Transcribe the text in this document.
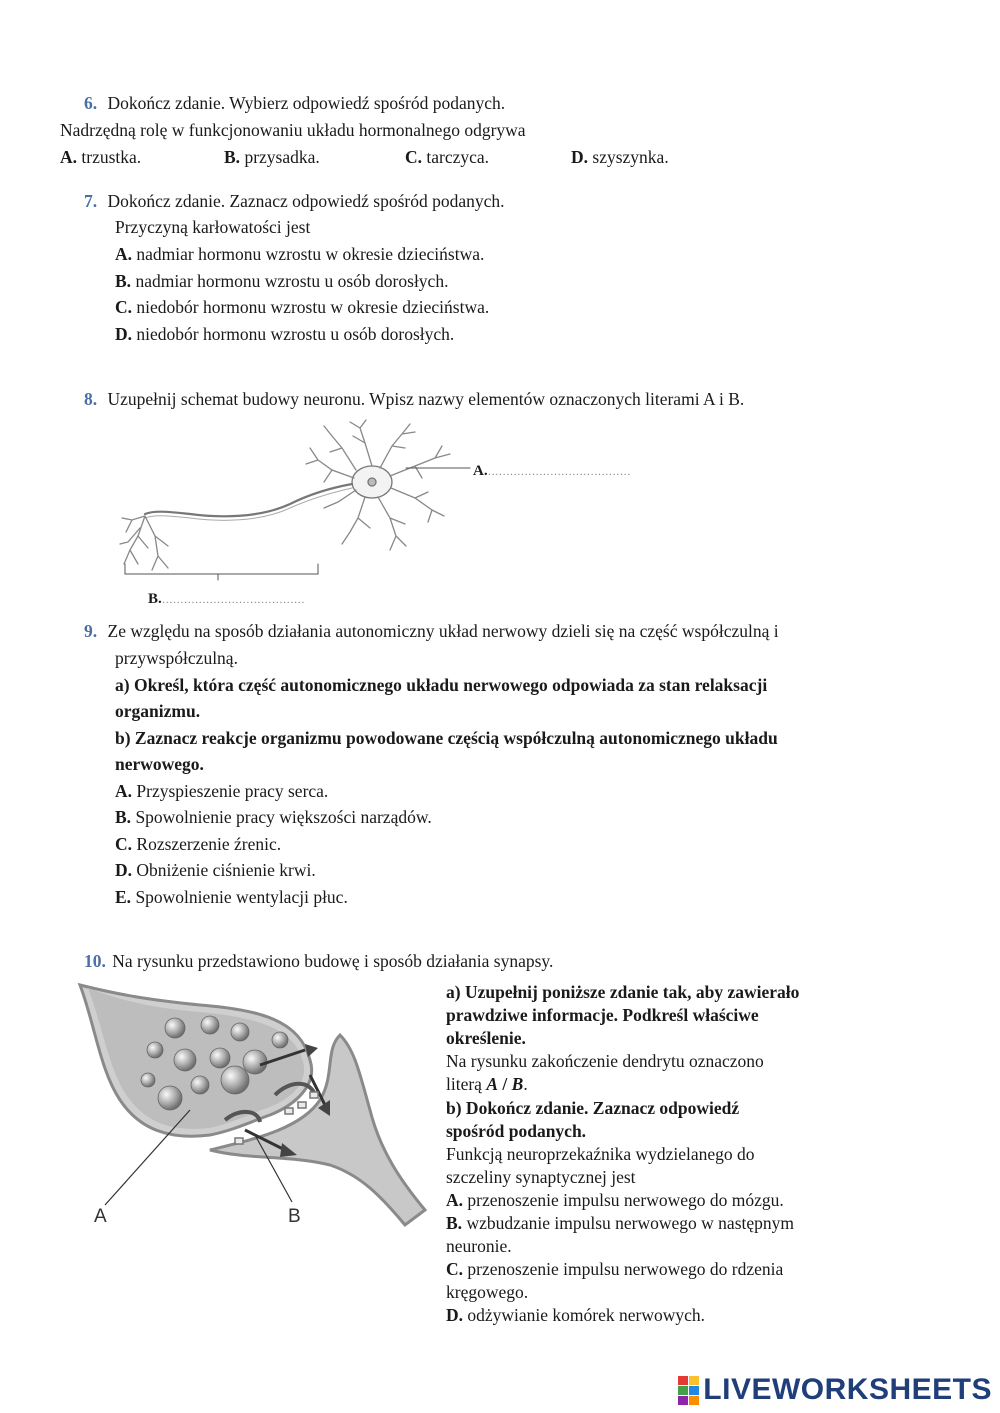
6. Dokończ zdanie. Wybierz odpowiedź spośród podanych.
Nadrzędną rolę w funkcjonowaniu układu hormonalnego odgrywa
A. trzustka.	B. przysadka.	C. tarczyca.	D. szyszynka.
7. Dokończ zdanie. Zaznacz odpowiedź spośród podanych.
Przyczyną karłowatości jest
A. nadmiar hormonu wzrostu w okresie dzieciństwa.
B. nadmiar hormonu wzrostu u osób dorosłych.
C. niedobór hormonu wzrostu w okresie dzieciństwa.
D. niedobór hormonu wzrostu u osób dorosłych.
8. Uzupełnij schemat budowy neuronu. Wpisz nazwy elementów oznaczonych literami A i B.
A.…………………………………
B.…………………………………
9. Ze względu na sposób działania autonomiczny układ nerwowy dzieli się na część współczulną i
przywspółczulną.
a) Określ, która część autonomicznego układu nerwowego odpowiada za stan relaksacji
organizmu.
b) Zaznacz reakcje organizmu powodowane częścią współczulną autonomicznego układu
nerwowego.
A. Przyspieszenie pracy serca.
B. Spowolnienie pracy większości narządów.
C. Rozszerzenie źrenic.
D. Obniżenie ciśnienie krwi.
E. Spowolnienie wentylacji płuc.
10. Na rysunku przedstawiono budowę i sposób działania synapsy.
A	B
a) Uzupełnij poniższe zdanie tak, aby zawierało
prawdziwe informacje. Podkreśl właściwe
określenie.
Na rysunku zakończenie dendrytu oznaczono
literą A / B.
b) Dokończ zdanie. Zaznacz odpowiedź
spośród podanych.
Funkcją neuroprzekaźnika wydzielanego do
szczeliny synaptycznej jest
A. przenoszenie impulsu nerwowego do mózgu.
B. wzbudzanie impulsu nerwowego w następnym
neuronie.
C. przenoszenie impulsu nerwowego do rdzenia
kręgowego.
D. odżywianie komórek nerwowych.
LIVEWORKSHEETS
